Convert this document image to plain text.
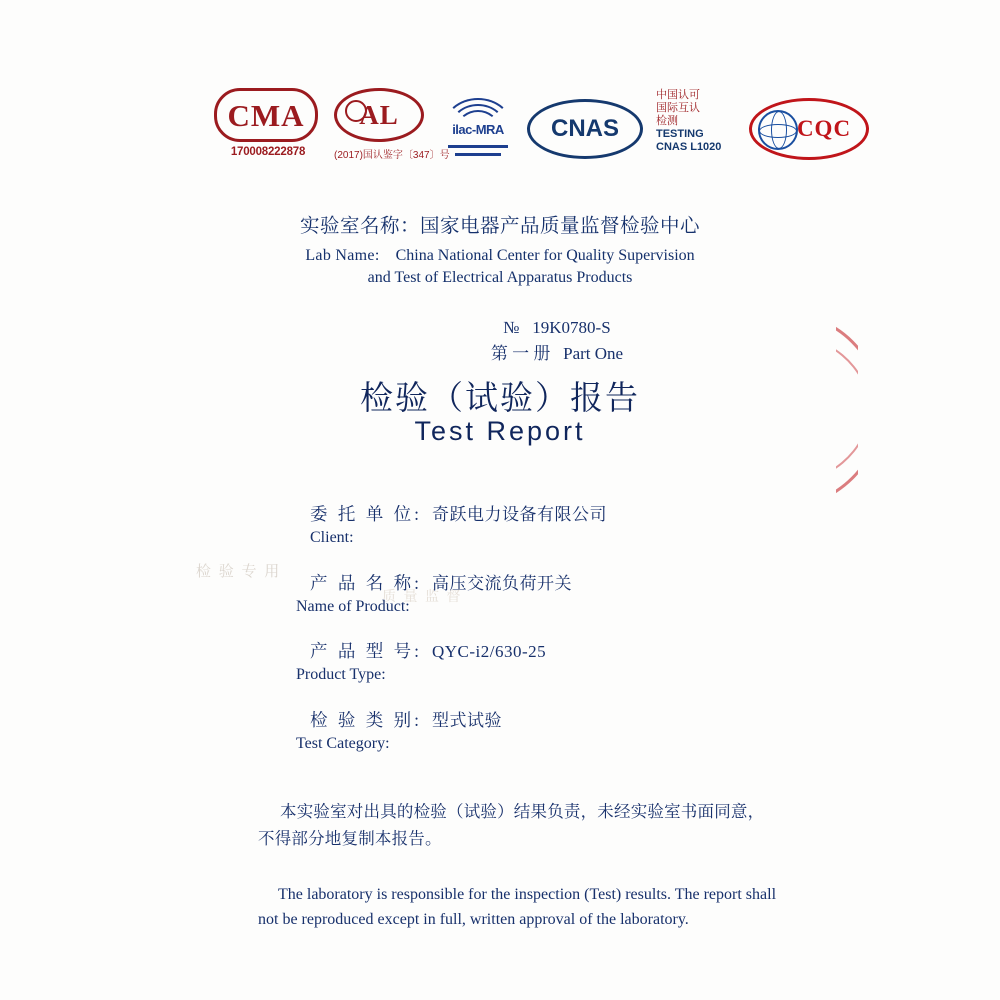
CMA
170008222878
AL
(2017)国认鉴字〔347〕号
ilac-MRA CNAS
中国认可
国际互认
检测
TESTING
CNAS L1020
CQC
®
实验室名称：国家电器产品质量监督检验中心
Lab Name: China National Center for Quality Supervision
and Test of Electrical Apparatus Products
№ 19K0780-S
第 一 册 Part One
检验（试验）报告
Test Report
检 验 专 用
质 量 监 督
委 托 单 位: 奇跃电力设备有限公司
Client:
产 品 名 称: 高压交流负荷开关
Name of Product:
产 品 型 号: QYC-i2/630-25
Product Type:
检 验 类 别: 型式试验
Test Category:
本实验室对出具的检验（试验）结果负责，未经实验室书面同意，
不得部分地复制本报告。
The laboratory is responsible for the inspection (Test) results. The report shall
not be reproduced except in full, written approval of the laboratory.
